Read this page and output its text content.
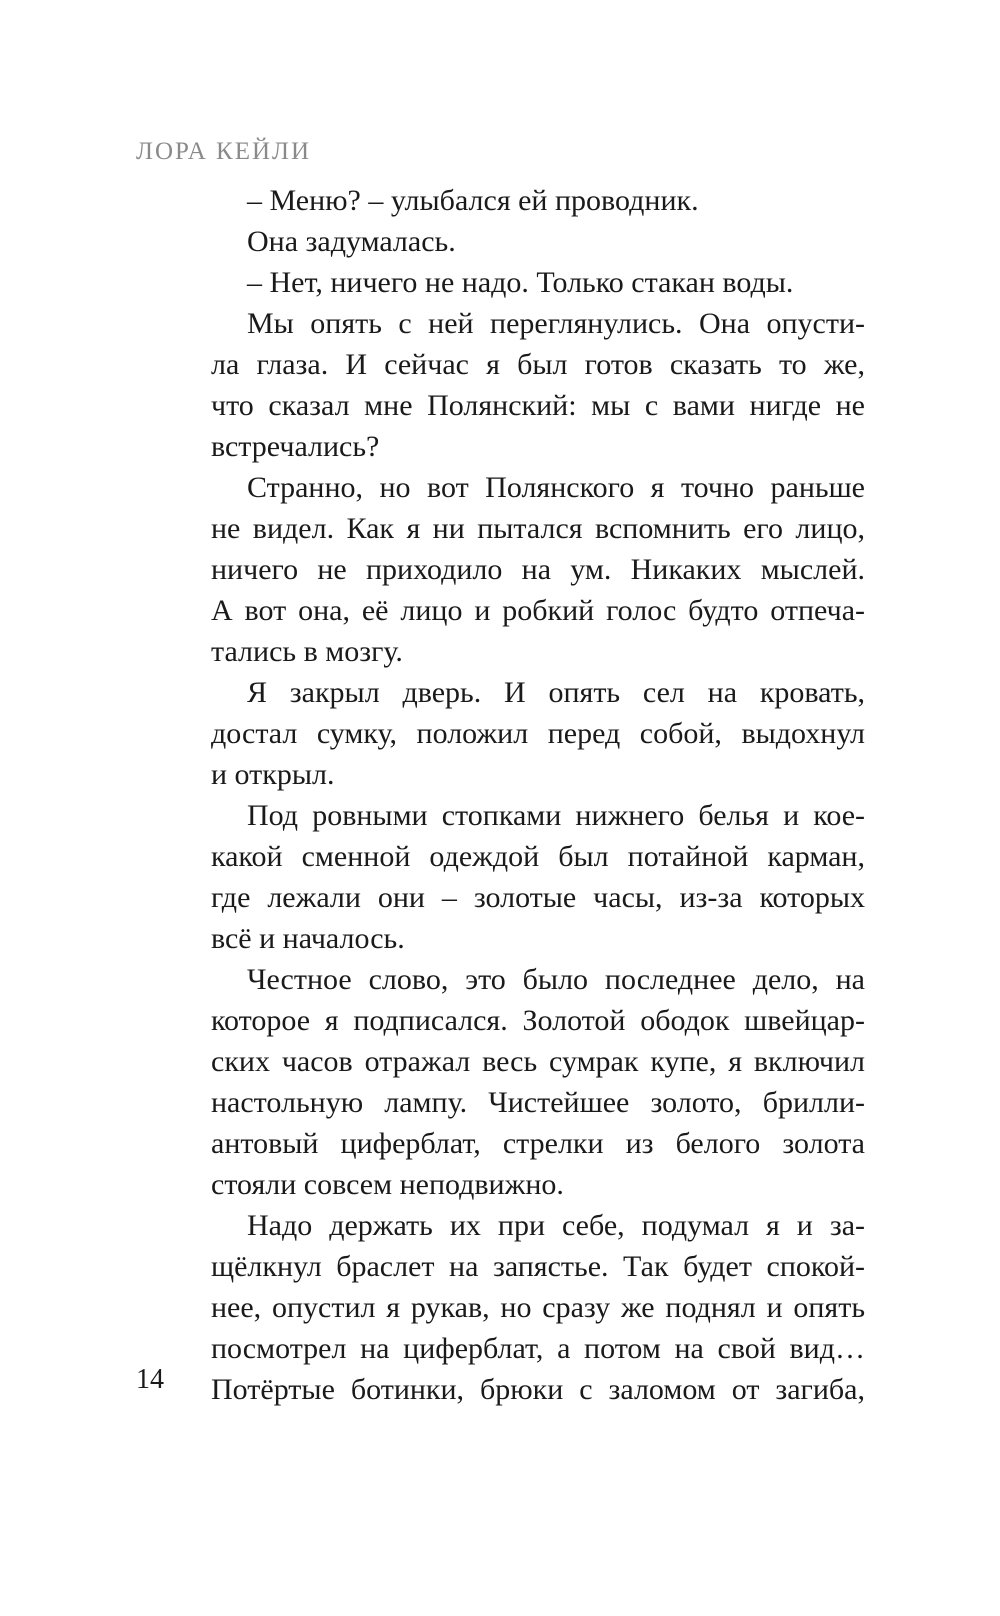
ЛОРА КЕЙЛИ
– Меню? – улыбался ей проводник.
Она задумалась.
– Нет, ничего не надо. Только стакан воды.
Мы опять с ней переглянулись. Она опусти-
ла глаза. И сейчас я был готов сказать то же,
что сказал мне Полянский: мы с вами нигде не
встречались?
Странно, но вот Полянского я точно раньше
не видел. Как я ни пытался вспомнить его лицо,
ничего не приходило на ум. Никаких мыслей.
А вот она, её лицо и робкий голос будто отпеча-
тались в мозгу.
Я закрыл дверь. И опять сел на кровать,
достал сумку, положил перед собой, выдохнул
и открыл.
Под ровными стопками нижнего белья и кое-
какой сменной одеждой был потайной карман,
где лежали они – золотые часы, из-за которых
всё и началось.
Честное слово, это было последнее дело, на
которое я подписался. Золотой ободок швейцар-
ских часов отражал весь сумрак купе, я включил
настольную лампу. Чистейшее золото, брилли-
антовый циферблат, стрелки из белого золота
стояли совсем неподвижно.
Надо держать их при себе, подумал я и за-
щёлкнул браслет на запястье. Так будет спокой-
нее, опустил я рукав, но сразу же поднял и опять
посмотрел на циферблат, а потом на свой вид…
Потёртые ботинки, брюки с заломом от загиба,
14
